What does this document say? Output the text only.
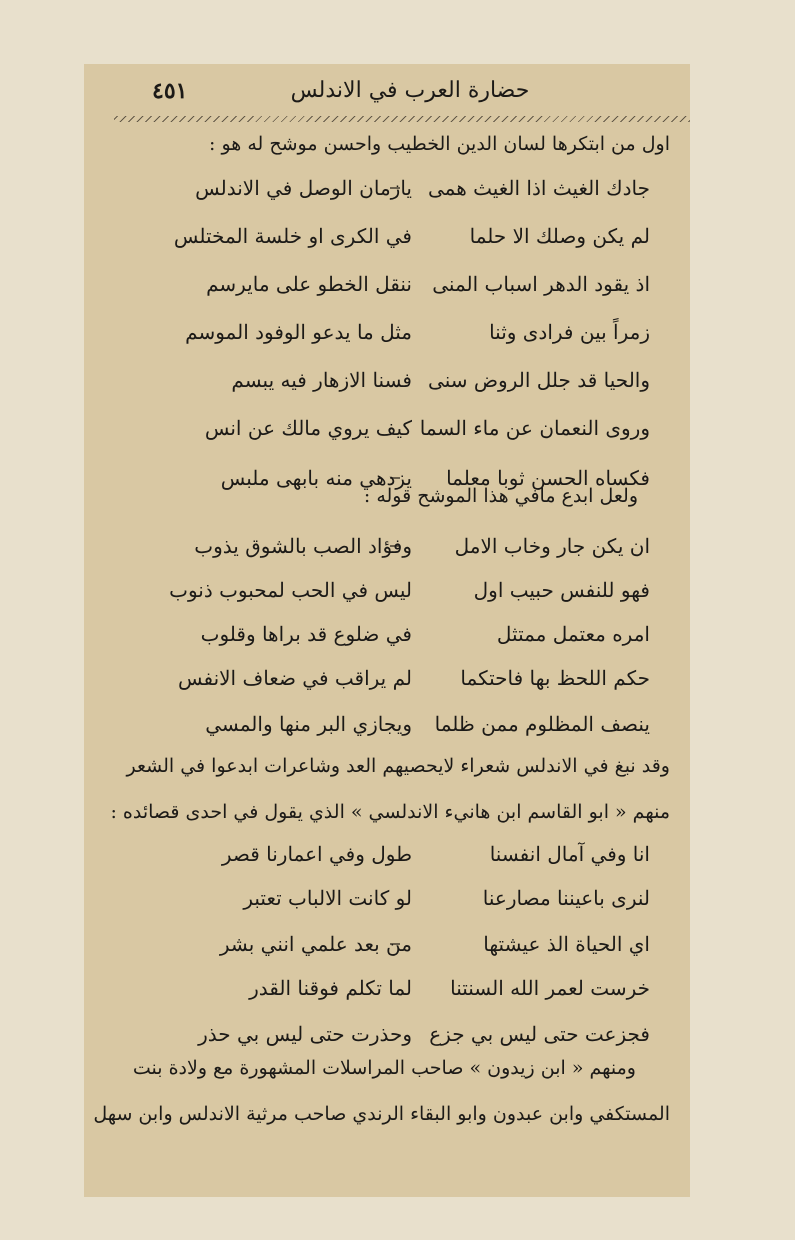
٤٥١	حضارة العرب في الاندلس
اول من ابتكرها لسان الدين الخطيب واحسن موشح له هو :
جادك الغيث اذا الغيث همى
يازمان الوصل في الاندلس
لم يكن وصلك الا حلما
في الكرى او خلسة المختلس
اذ يقود الدهر اسباب المنى
ننقل الخطو على مايرسم
زمراً بين فرادى وثنا
مثل ما يدعو الوفود الموسم
والحيا قد جلل الروض سنى
فسنا الازهار فيه يبسم
وروى النعمان عن ماء السما
كيف يروي مالك عن انس
فكساه الحسن ثوبا معلما
يزدهي منه بابهى ملبس
ولعل ابدع مافي هذا الموشح قوله :
ان يكن جار وخاب الامل
وفؤاد الصب بالشوق يذوب
فهو للنفس حبيب اول
ليس في الحب لمحبوب ذنوب
امره معتمل ممتثل
في ضلوع قد براها وقلوب
حكم اللحظ بها فاحتكما
لم يراقب في ضعاف الانفس
ينصف المظلوم ممن ظلما
ويجازي البر منها والمسي
وقد نبغ في الاندلس شعراء لايحصيهم العد وشاعرات ابدعوا في الشعر
منهم « ابو القاسم ابن هانيء الاندلسي » الذي يقول في احدى قصائده :
انا وفي آمال انفسنا
طول وفي اعمارنا قصر
لنرى باعيننا مصارعنا
لو كانت الالباب تعتبر
اي الحياة الذ عيشتها
من بعد علمي انني بشر
خرست لعمر الله السنتنا
لما تكلم فوقنا القدر
فجزعت حتى ليس بي جزع
وحذرت حتى ليس بي حذر
ومنهم « ابن زيدون » صاحب المراسلات المشهورة مع ولادة بنت
المستكفي وابن عبدون وابو البقاء الرندي صاحب مرثية الاندلس وابن سهل
